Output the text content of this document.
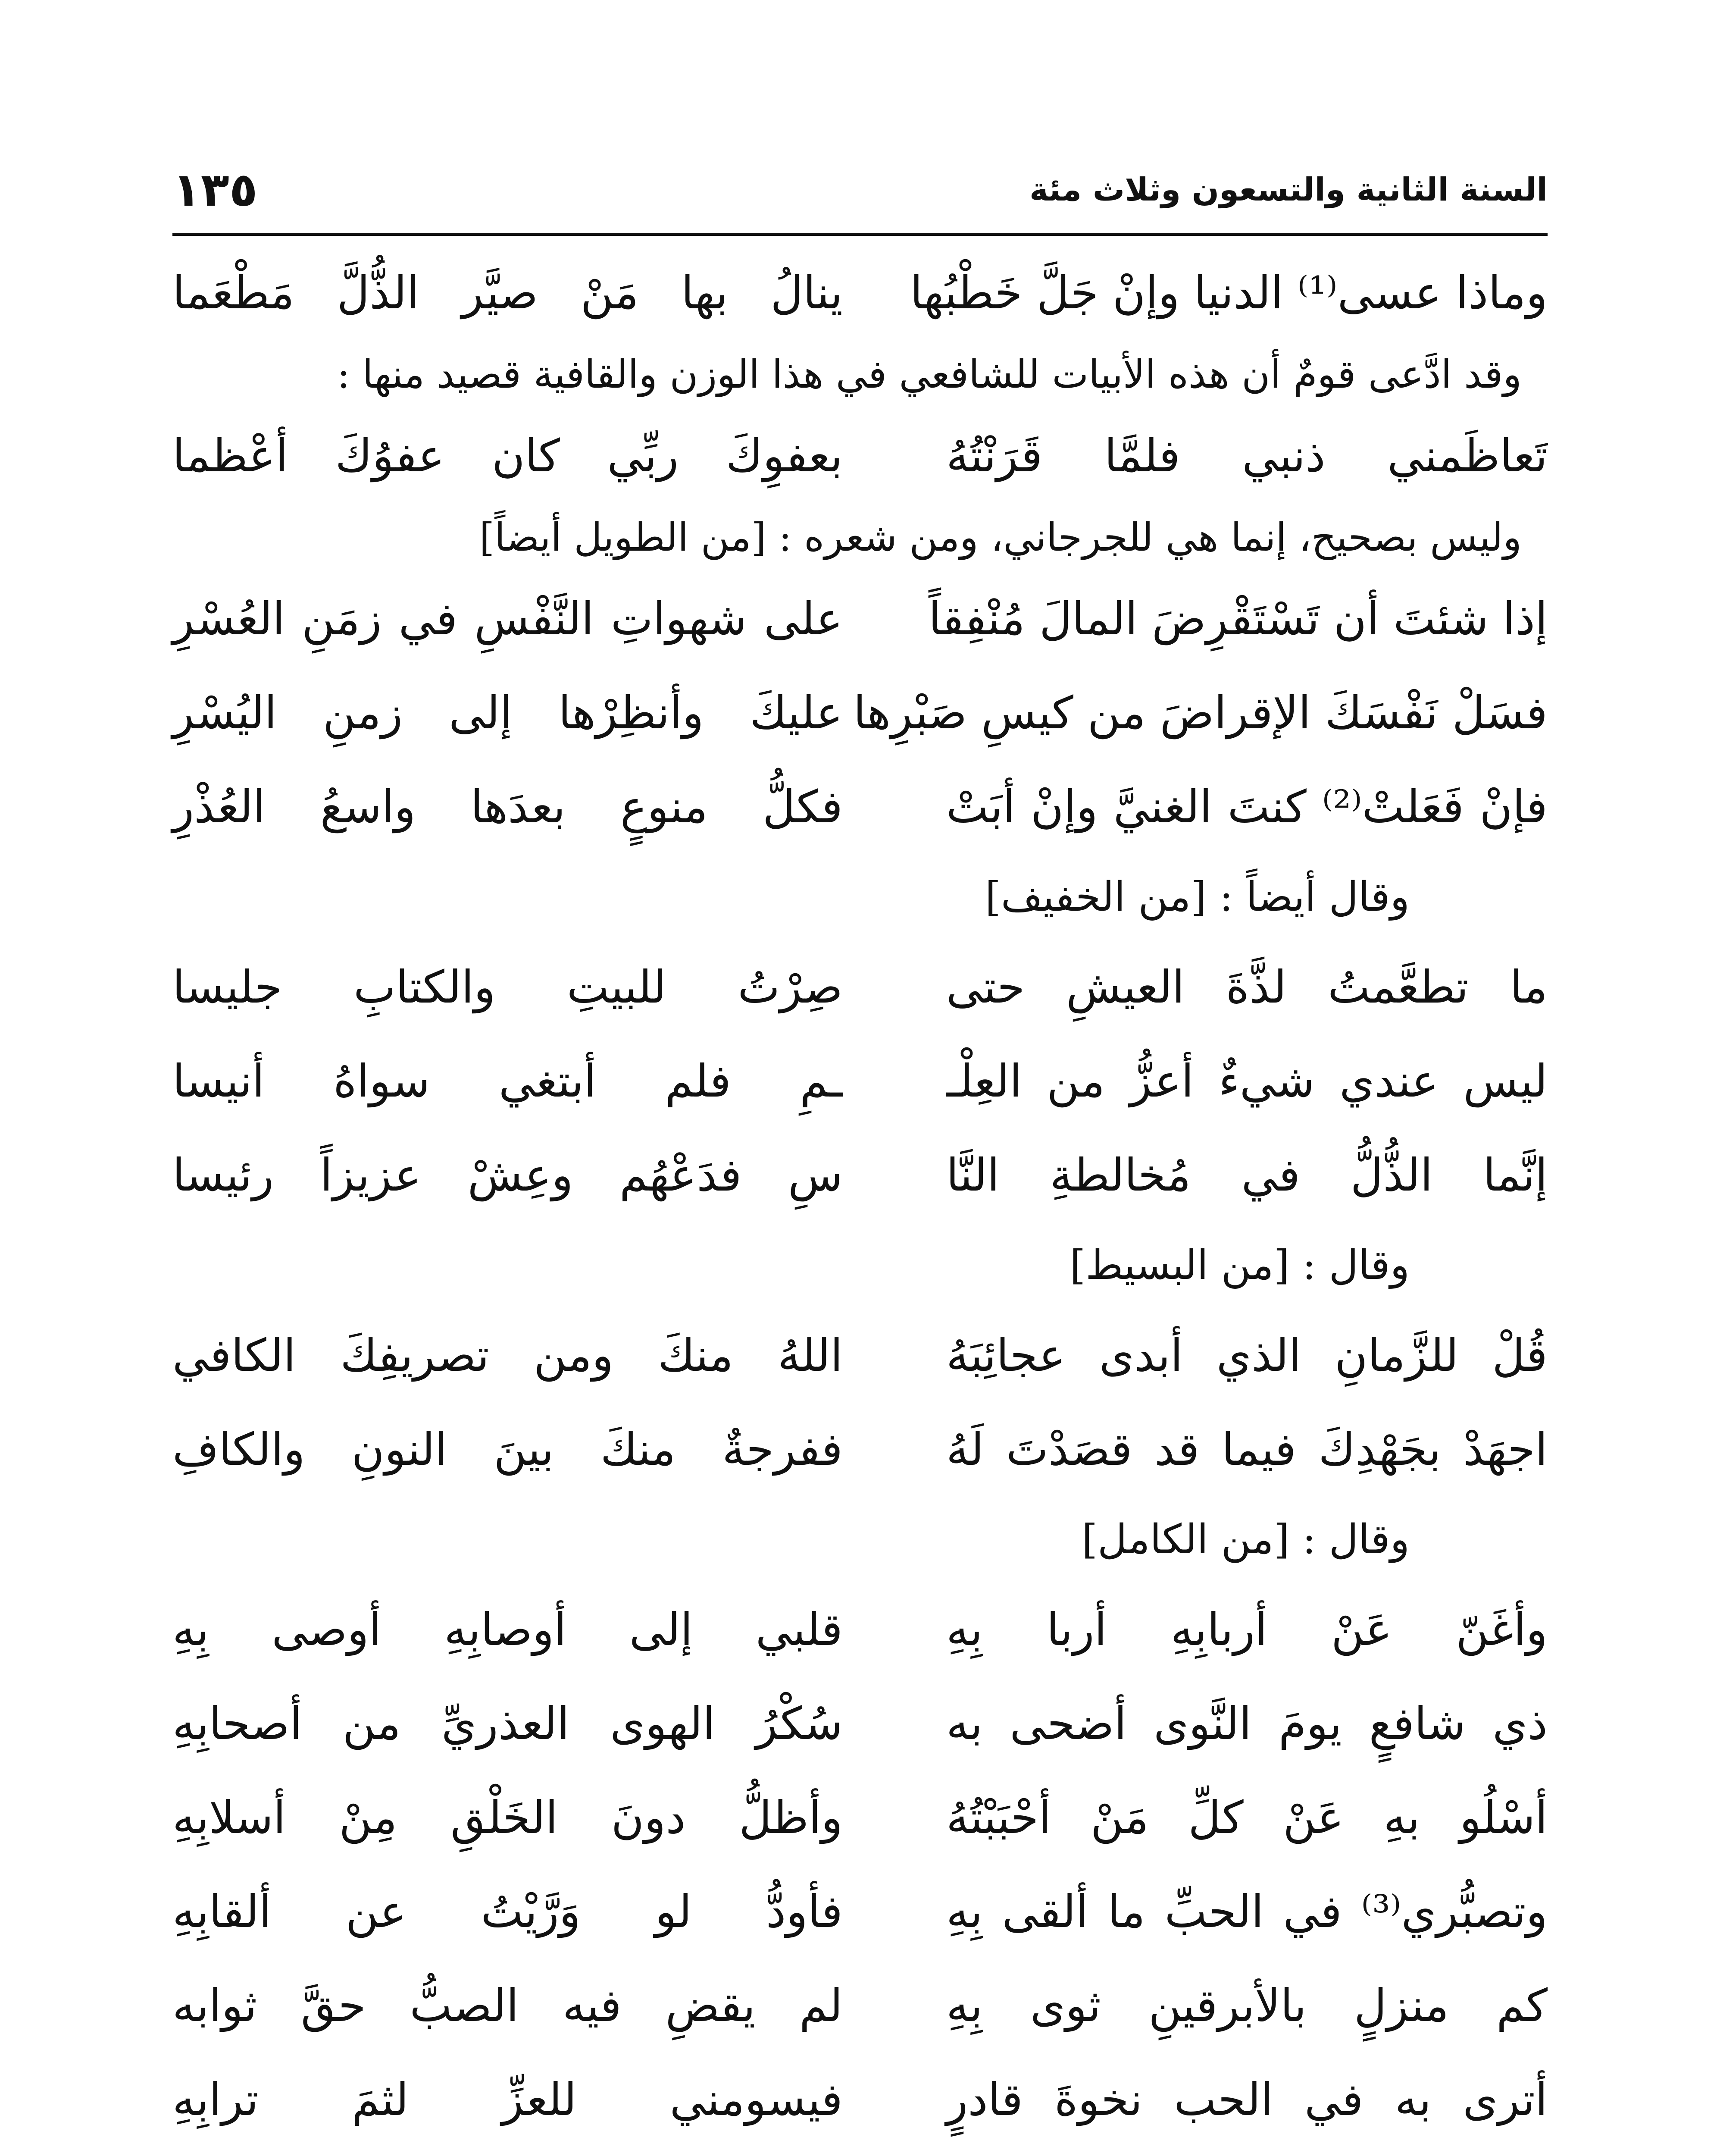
السنة الثانية والتسعون وثلاث مئة
١٣٥
وماذا عسى⁽¹⁾ الدنيا وإنْ جَلَّ خَطْبُها
ينالُ بها مَنْ صيَّر الذُّلَّ مَطْعَما
وقد ادَّعى قومٌ أن هذه الأبيات للشافعي في هذا الوزن والقافية قصيد منها :
تَعاظَمني ذنبي فلمَّا قَرَنْتُهُ
بعفوِكَ ربِّي كان عفوُكَ أعْظما
وليس بصحيح، إنما هي للجرجاني، ومن شعره : [من الطويل أيضاً]
إذا شئتَ أن تَسْتَقْرِضَ المالَ مُنْفِقاً
على شهواتِ النَّفْسِ في زمَنِ العُسْرِ
فسَلْ نَفْسَكَ الإقراضَ من كيسِ صَبْرِها
عليكَ وأنظِرْها إلى زمنِ اليُسْرِ
فإنْ فَعَلتْ⁽²⁾ كنتَ الغنيَّ وإنْ أبَتْ
فكلُّ منوعٍ بعدَها واسعُ العُذْرِ
وقال أيضاً : [من الخفيف]
ما تطعَّمتُ لذَّةَ العيشِ حتى
صِرْتُ للبيتِ والكتابِ جليسا
ليس عندي شيءٌ أعزُّ من العِلْـ
ـمِ فلم أبتغي سواهُ أنيسا
إنَّما الذُّلُّ في مُخالطةِ النَّا
سِ فدَعْهُم وعِشْ عزيزاً رئيسا
وقال : [من البسيط]
قُلْ للزَّمانِ الذي أبدى عجائِبَهُ
اللهُ منكَ ومن تصريفِكَ الكافي
اجهَدْ بجَهْدِكَ فيما قد قصَدْتَ لَهُ
ففرجةٌ منكَ بينَ النونِ والكافِ
وقال : [من الكامل]
وأغَنّ عَنْ أربابِهِ أربا بِهِ
قلبي إلى أوصابِهِ أوصى بِهِ
ذي شافعٍ يومَ النَّوى أضحى به
سُكْرُ الهوى العذريِّ من أصحابِهِ
أسْلُو بهِ عَنْ كلِّ مَنْ أحْبَبْتُهُ
وأظلُّ دونَ الخَلْقِ مِنْ أسلابِهِ
وتصبُّري⁽³⁾ في الحبِّ ما ألقى بِهِ
فأودُّ لو وَرَّيْتُ عن ألقابِهِ
كم منزلٍ بالأبرقينِ ثوى بِهِ
لم يقضِ فيه الصبُّ حقَّ ثوابه
أترى به في الحب نخوةَ قادرٍ
فيسومني للعزِّ لثمَ ترابِهِ
